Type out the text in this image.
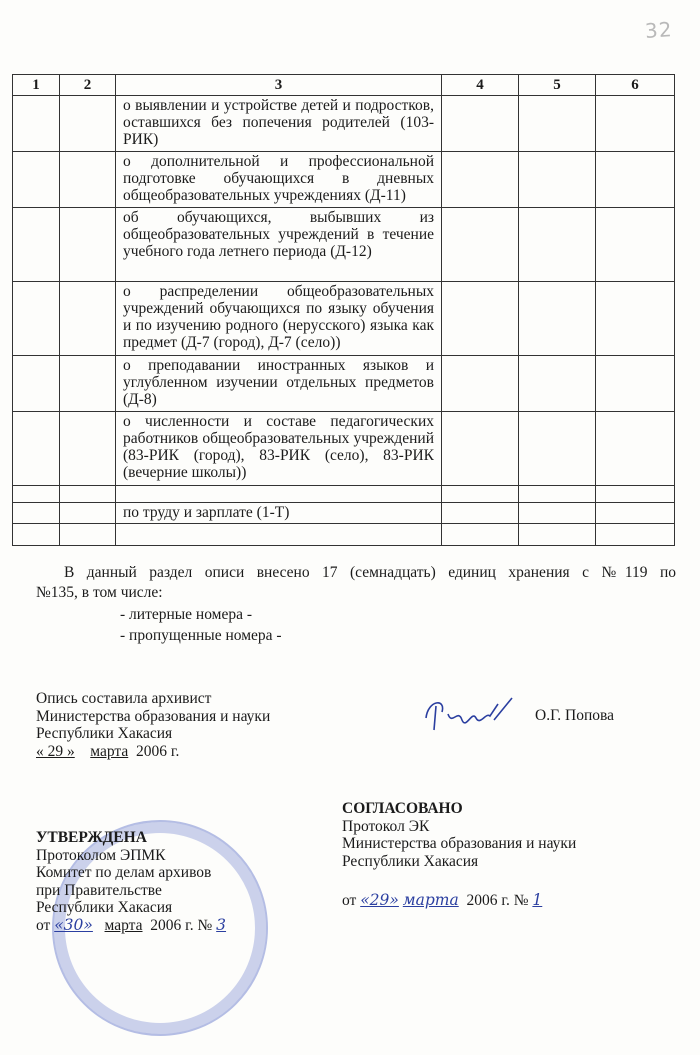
32
1	2	3	4	5	6
		о выявлении и устройстве детей и подростков, оставшихся без попечения родителей (103-РИК)			
		о дополнительной и профессиональной подготовке обучающихся в дневных общеобразовательных учреждениях (Д-11)			
		об обучающихся, выбывших из общеобразовательных учреждений в течение учебного года летнего периода (Д-12)			
		о распределении общеобразовательных учреждений обучающихся по языку обучения и по изучению родного (нерусского) языка как предмет (Д-7 (город), Д-7 (село))			
		о преподавании иностранных языков и углубленном изучении отдельных предметов (Д-8)			
		о численности и составе педагогических работников общеобразовательных учреждений (83-РИК (город), 83-РИК (село), 83-РИК (вечерние школы))			

		по труду и зарплате (1-Т)			

В данный раздел описи внесено 17 (семнадцать) единиц хранения с №119 по
№135, в том числе:
- литерные номера -
- пропущенные номера -
Опись составила архивист
Министерства образования и науки
Республики Хакасия
« 29 » марта 2006 г.
О.Г. Попова
УТВЕРЖДЕНА
Протоколом ЭПМК
Комитет по делам архивов
при Правительстве
Республики Хакасия
от «30» марта 2006 г. № 3
СОГЛАСОВАНО
Протокол ЭК
Министерства образования и науки
Республики Хакасия
от «29» марта 2006 г. № 1
